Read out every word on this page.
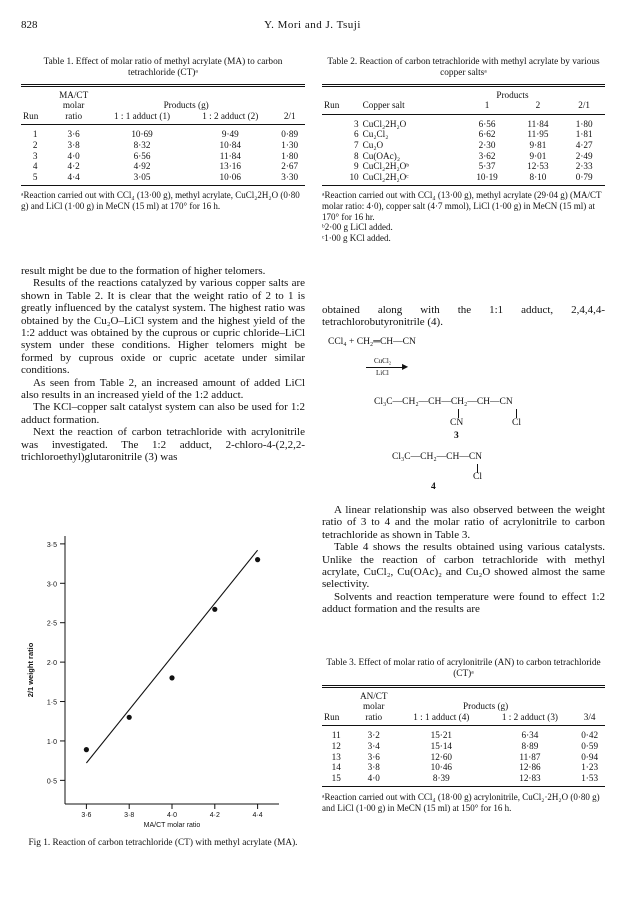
828	Y. Mori and J. Tsuji

Table 1. Effect of molar ratio of methyl acrylate (MA) to carbon tetrachloride (CT)ᵃ

	MA/CT			
	molar	Products (g)		
Run	ratio	1 : 1 adduct (1)	1 : 2 adduct (2)	2/1

1	3·6	10·69	9·49	0·89
2	3·8	8·32	10·84	1·30
3	4·0	6·56	11·84	1·80
4	4·2	4·92	13·16	2·67
5	4·4	3·05	10·06	3·30

ᵃReaction carried out with CCl₄ (13·00 g), methyl acrylate, CuCl₂2H₂O (0·80 g) and LiCl (1·00 g) in MeCN (15 ml) at 170° for 16 h.

Table 2. Reaction of carbon tetrachloride with methyl acrylate by various copper saltsᵃ

		Products		
Run	Copper salt	1	2	2/1

3	CuCl₂2H₂O	6·56	11·84	1·80
6	Cu₂Cl₂	6·62	11·95	1·81
7	Cu₂O	2·30	9·81	4·27
8	Cu(OAc)₂	3·62	9·01	2·49
9	CuCl₂2H₂Oᵇ	5·37	12·53	2·33
10	CuCl₂2H₂Oᶜ	10·19	8·10	0·79

ᵃReaction carried out with CCl₄ (13·00 g), methyl acrylate (29·04 g) (MA/CT molar ratio: 4·0), copper salt (4·7 mmol), LiCl (1·00 g) in MeCN (15 ml) at 170° for 16 hr.

ᵇ2·00 g LiCl added.

ᶜ1·00 g KCl added.

result might be due to the formation of higher telomers.

Results of the reactions catalyzed by various copper salts are shown in Table 2. It is clear that the weight ratio of 2 to 1 is greatly influenced by the catalyst system. The highest ratio was obtained by the Cu₂O–LiCl system and the highest yield of the 1:2 adduct was obtained by the cuprous or cupric chloride–LiCl system under these conditions. Higher telomers might be formed by cuprous oxide or cupric acetate under similar conditions.

As seen from Table 2, an increased amount of added LiCl also results in an increased yield of the 1:2 adduct.

The KCl–copper salt catalyst system can also be used for 1:2 adduct formation.

Next the reaction of carbon tetrachloride with acrylonitrile was investigated. The 1:2 adduct, 2-chloro-4-(2,2,2-trichloroethyl)glutaronitrile (3) was

obtained along with the 1:1 adduct, 2,4,4,4-tetrachlorobutyronitrile (4).

CCl₄ + CH₂═CH—CN
CuCl₂
▶
LiCl
Cl₃C—CH₂—CH—CH₂—CH—CN
CN	Cl
3
Cl₃C—CH₂—CH—CN
Cl
4

A linear relationship was also observed between the weight ratio of 3 to 4 and the molar ratio of acrylonitrile to carbon tetrachloride as shown in Table 3.

Table 4 shows the results obtained using various catalysts. Unlike the reaction of carbon tetrachloride with methyl acrylate, CuCl₂, Cu(OAc)₂ and Cu₂O showed almost the same selectivity.

Solvents and reaction temperature were found to effect 1:2 adduct formation and the results are

Table 3. Effect of molar ratio of acrylonitrile (AN) to carbon tetrachloride (CT)ᵃ

	AN/CT			
	molar	Products (g)		
Run	ratio	1 : 1 adduct (4)	1 : 2 adduct (3)	3/4

11	3·2	15·21	6·34	0·42
12	3·4	15·14	8·89	0·59
13	3·6	12·60	11·87	0·94
14	3·8	10·46	12·86	1·23
15	4·0	8·39	12·83	1·53

ᵃReaction carried out with CCl₄ (18·00 g) acrylonitrile, CuCl₂·2H₂O (0·80 g) and LiCl (1·00 g) in MeCN (15 ml) at 150° for 16 h.

3·6	3·8	4·0	4·2	4·4
0·5
1·0
1·5
2·0
2·5
3·0
3·5
MA/CT molar ratio
2/1 weight ratio

Fig 1. Reaction of carbon tetrachloride (CT) with methyl acrylate (MA).
